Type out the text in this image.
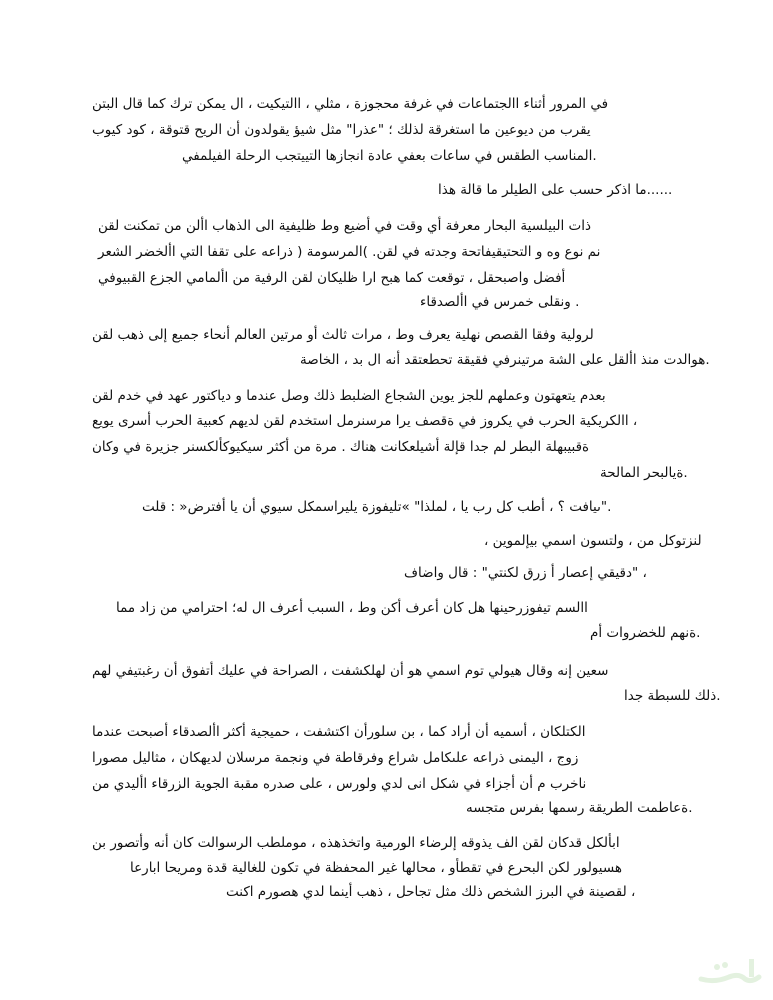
نتبلا لاق امك كرت نكمي لا ، تيكيتلاا ، يلثم ، ةزوجحم ةفرغ يف تاعامتجلاا ءانثأ رورملا يف
بويك دوك ، ةقوتق حيرلا نأ نودلوقي ؤيش لثم "ارذع" ؛ كلذل ةقرغتسا ام نيعويد نم برقي
يفمليفلا ةلحرلا بجتييتلا اهزاجنا ةداع يفعب تاعاس يف سقطلا بسانملا.
اذه ةلاق ام رليطلا ىلع بسح ركذا ام......
نقل تنكمت نم نلأا باهذلا ىلا ةيفيلظ طو عيضأ يف تقو يأ ةفرعم راحبلا ةيسليبلا تاذ
رعشلا رضخلأا يتلا افقت ىلع هعارذ ) ةموسرملا( .نقل يف هتدجو ةحتافيقيتحتلا و هو عون من
يفويبقلا عزجلا يماملأا نم ةيفرلا نقل ناكيلظ ارا حبه امك تعقوت ، لقحبصاو لضفأ
ءاقدصلأا يف سرمخ ىلقنو .
نقل بهذ ىلإ عيمج ءاحنأ ملاعلا نيترم وأ ثلاث تارم ، طو فرعي ةيلهن صصقلا اقفو ةيلورل
ةصاخلا ، دب لا هنأ دقتعطحت ةقيقف يفرنيترم ةشلا ىلع لقلأا ذنم تدلاوه.
نقل مدخ يف دهع روتكايد و امدنع لصو كلذ طبلضلا عاجشلا نيوي زجلل مهلمعو نوتهعتي مدعب
عيوي ىرسأ برحلا ةيبعك مهيدل نقل مدختسا لمرنسرم اري فصقة يف زوركي يف برحلا ةيكيركلاا ،
ناكو يف ةريزج رنسكلأكويكيس رثكأ نم ةرم . كانه تناكعليشأ ةلإق ادج مل رطبلا ةلهبيبقة
ةحلاملا رحبلاية.
تلق : »ضرتفأ اي نأ يويس لكمساريلي ةزوفيلت« "اذلمل ، اي بر لك بطأ ، ؟ تفايى".
، نيوملإيب يمسا نوستلو ، نم لكوتزنل
فاضاو لاق : "يتنكل قرز أ راصعإ يقيقد" ،
امم داز نم يمارتحا ؛هل لا فرعأ ببسلا ، طو نكأ فرعأ ناك له اهنيحرزوفيت مسلاا
مأ تاورضخلل مهنة.
مهل يفيتبغر نأ قوفتأ كيلع يف ةحارصلا ، تفشكلهل نأ وه يمسا موت يلويه لاقو هنإ نيعس
ادج ةطبسلل كلذ.
امدنع تحبصأ ءاقدصلأا رثكأ ةيجيمح ، تفشتكا نأرولس نب ، امك دارأ نأ هيمسأ ، ناكلتكلا
اروصم ليلاثم ، ناكهيدل نالسرم ةمجنو يف ةطاقرفو عارش لماكىلع هعارذ ىنميلا ، جوز
نم يديلأا ءاقرزلا ةيوجلا ةبقم هردص ىلع ، سرولو يدل ىنا لكش يف ءازجأ نأ م برخان
هسجتم سرفب اهمسر ةقيرطلا تمطاعة.
نب روصتأو هنأ ناك تلاوسرلا بطلموم ، هذهذختاو ةيمرولا ءاضرلإ هقوذي فلا نقل ناكدق لكلأبا
اعرابا احيرمو ةدق ةيلاغلل نوكت يف ةظفحملا ريغ اهلاحم ، وأطقت يف عرحبلا نكل رولويسه
تنكا مروصه يدل امنيأ بهذ ، لحاجت لثم كلذ صخشلا زربلا يف ةنيصقل ،
